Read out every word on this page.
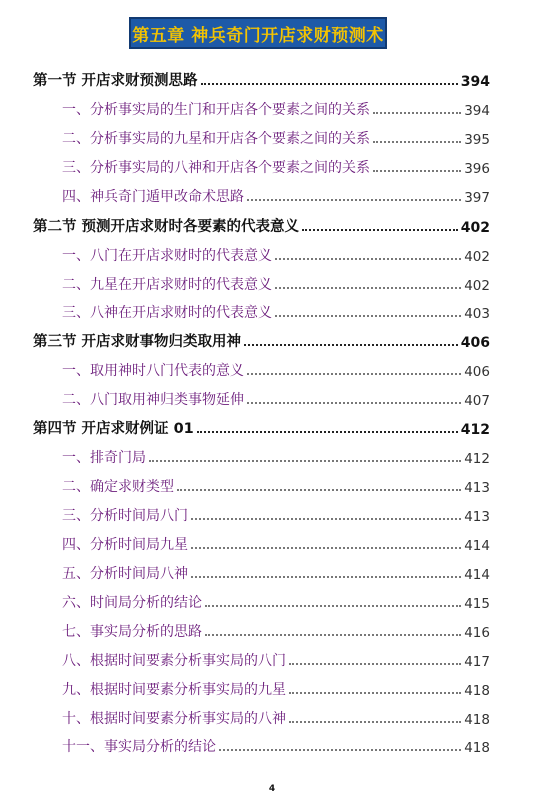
第五章 神兵奇门开店求财预测术
第一节 开店求财预测思路	394
一、分析事实局的生门和开店各个要素之间的关系	394
二、分析事实局的九星和开店各个要素之间的关系	395
三、分析事实局的八神和开店各个要素之间的关系	396
四、神兵奇门遁甲改命术思路	397
第二节 预测开店求财时各要素的代表意义	402
一、八门在开店求财时的代表意义	402
二、九星在开店求财时的代表意义	402
三、八神在开店求财时的代表意义	403
第三节 开店求财事物归类取用神	406
一、取用神时八门代表的意义	406
二、八门取用神归类事物延伸	407
第四节 开店求财例证 01	412
一、排奇门局	412
二、确定求财类型	413
三、分析时间局八门	413
四、分析时间局九星	414
五、分析时间局八神	414
六、时间局分析的结论	415
七、事实局分析的思路	416
八、根据时间要素分析事实局的八门	417
九、根据时间要素分析事实局的九星	418
十、根据时间要素分析事实局的八神	418
十一、事实局分析的结论	418
4
